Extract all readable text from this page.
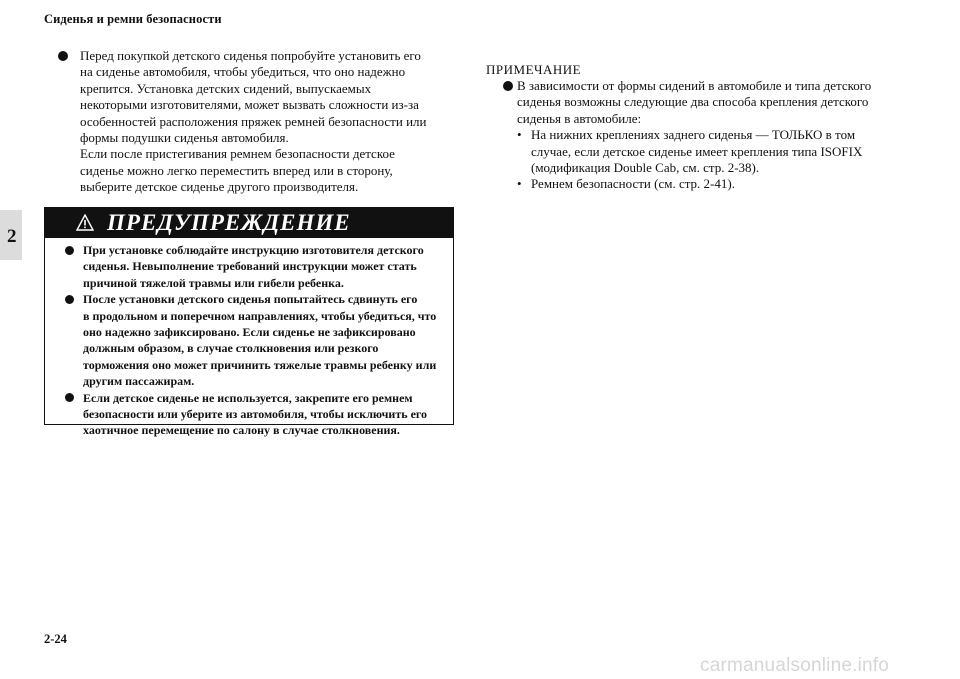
Сиденья и ремни безопасности
2

Перед покупкой детского сиденья попробуйте установить его

на сиденье автомобиля, чтобы убедиться, что оно надежно

крепится. Установка детских сидений, выпускаемых

некоторыми изготовителями, может вызвать сложности из-за

особенностей расположения пряжек ремней безопасности или

формы подушки сиденья автомобиля.

Если после пристегивания ремнем безопасности детское

сиденье можно легко переместить вперед или в сторону,

выберите детское сиденье другого производителя.

ПРЕДУПРЕЖДЕНИЕ

При установке соблюдайте инструкцию изготовителя детского

сиденья. Невыполнение требований инструкции может стать

причиной тяжелой травмы или гибели ребенка.

После установки детского сиденья попытайтесь сдвинуть его

в продольном и поперечном направлениях, чтобы убедиться, что

оно надежно зафиксировано. Если сиденье не зафиксировано

должным образом, в случае столкновения или резкого

торможения оно может причинить тяжелые травмы ребенку или

другим пассажирам.

Если детское сиденье не используется, закрепите его ремнем

безопасности или уберите из автомобиля, чтобы исключить его

хаотичное перемещение по салону в случае столкновения.

ПРИМЕЧАНИЕ

В зависимости от формы сидений в автомобиле и типа детского

сиденья возможны следующие два способа крепления детского

сиденья в автомобиле:

• На нижних креплениях заднего сиденья — ТОЛЬКО в том

случае, если детское сиденье имеет крепления типа ISOFIX

(модификация Double Cab, см. стр. 2-38).

• Ремнем безопасности (см. стр. 2-41).

2-24
carmanualsonline.info
